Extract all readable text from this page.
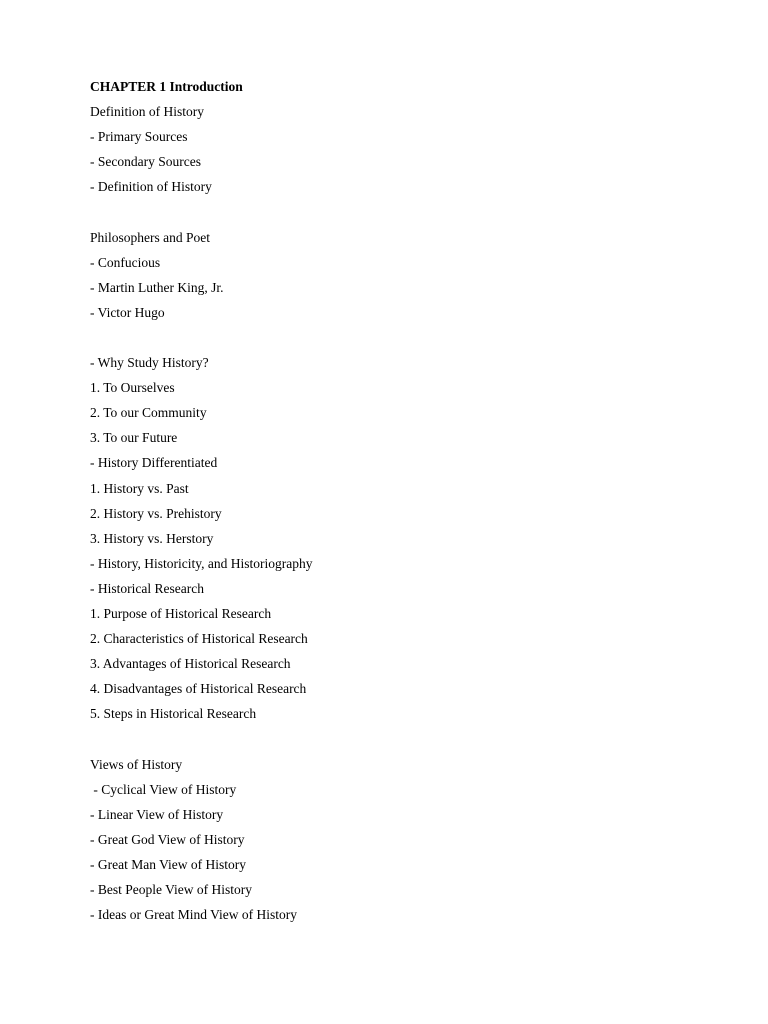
CHAPTER 1 Introduction
Definition of History
- Primary Sources
- Secondary Sources
- Definition of History
Philosophers and Poet
- Confucious
- Martin Luther King, Jr.
- Victor Hugo
- Why Study History?
1. To Ourselves
2. To our Community
3. To our Future
- History Differentiated
1. History vs. Past
2. History vs. Prehistory
3. History vs. Herstory
- History, Historicity, and Historiography
- Historical Research
1. Purpose of Historical Research
2. Characteristics of Historical Research
3. Advantages of Historical Research
4. Disadvantages of Historical Research
5. Steps in Historical Research
Views of History
- Cyclical View of History
- Linear View of History
- Great God View of History
- Great Man View of History
- Best People View of History
- Ideas or Great Mind View of History
